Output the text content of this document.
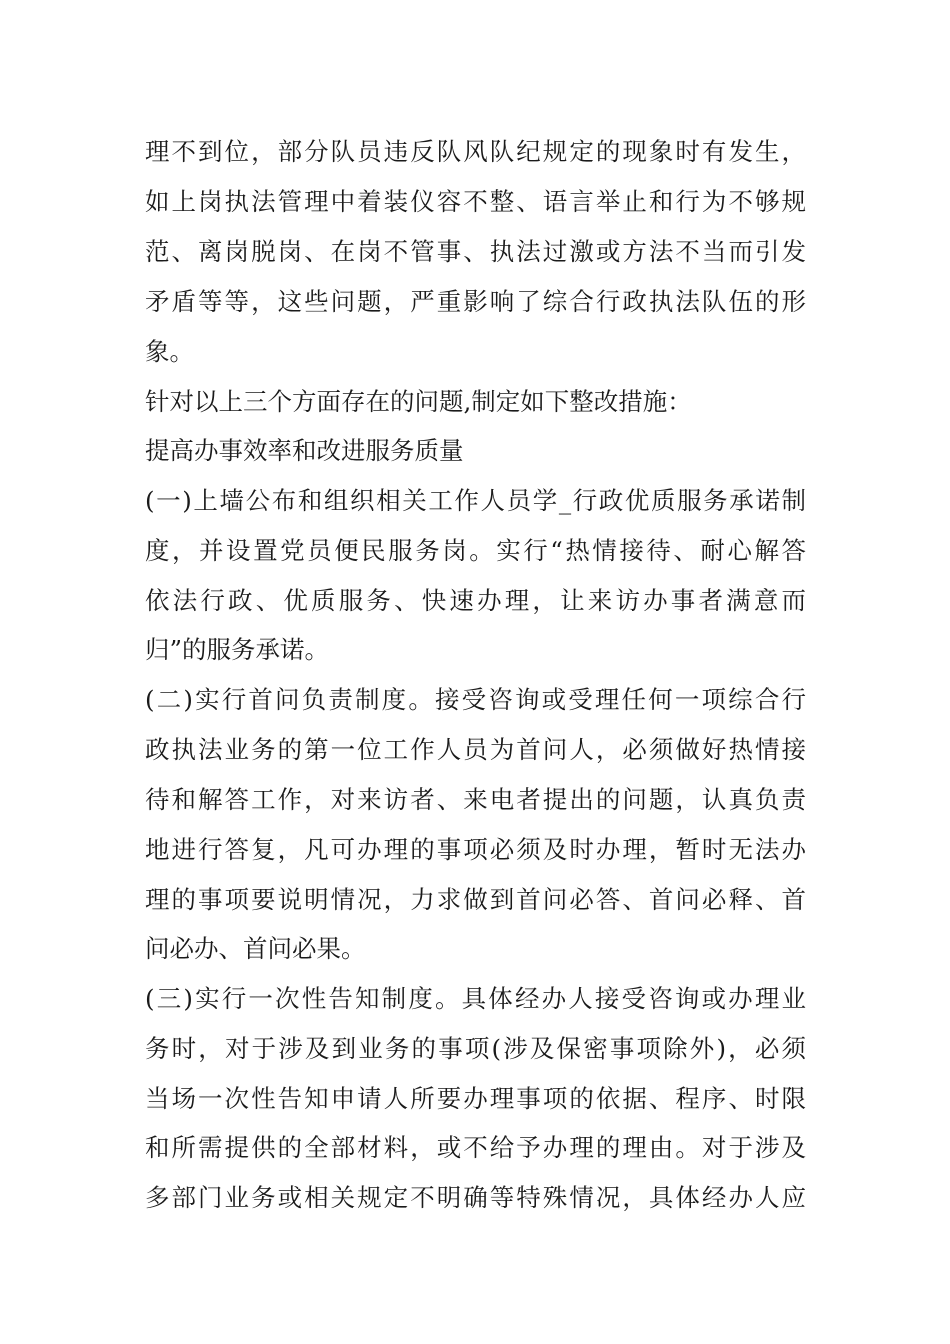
理不到位，部分队员违反队风队纪规定的现象时有发生，
如上岗执法管理中着装仪容不整、语言举止和行为不够规
范、离岗脱岗、在岗不管事、执法过激或方法不当而引发
矛盾等等，这些问题，严重影响了综合行政执法队伍的形
象。
针对以上三个方面存在的问题,制定如下整改措施：
提高办事效率和改进服务质量
(一)上墙公布和组织相关工作人员学_行政优质服务承诺制
度，并设置党员便民服务岗。实行“热情接待、耐心解答
依法行政、优质服务、快速办理，让来访办事者满意而
归”的服务承诺。
(二)实行首问负责制度。接受咨询或受理任何一项综合行
政执法业务的第一位工作人员为首问人，必须做好热情接
待和解答工作，对来访者、来电者提出的问题，认真负责
地进行答复，凡可办理的事项必须及时办理，暂时无法办
理的事项要说明情况，力求做到首问必答、首问必释、首
问必办、首问必果。
(三)实行一次性告知制度。具体经办人接受咨询或办理业
务时，对于涉及到业务的事项(涉及保密事项除外)，必须
当场一次性告知申请人所要办理事项的依据、程序、时限
和所需提供的全部材料，或不给予办理的理由。对于涉及
多部门业务或相关规定不明确等特殊情况，具体经办人应
